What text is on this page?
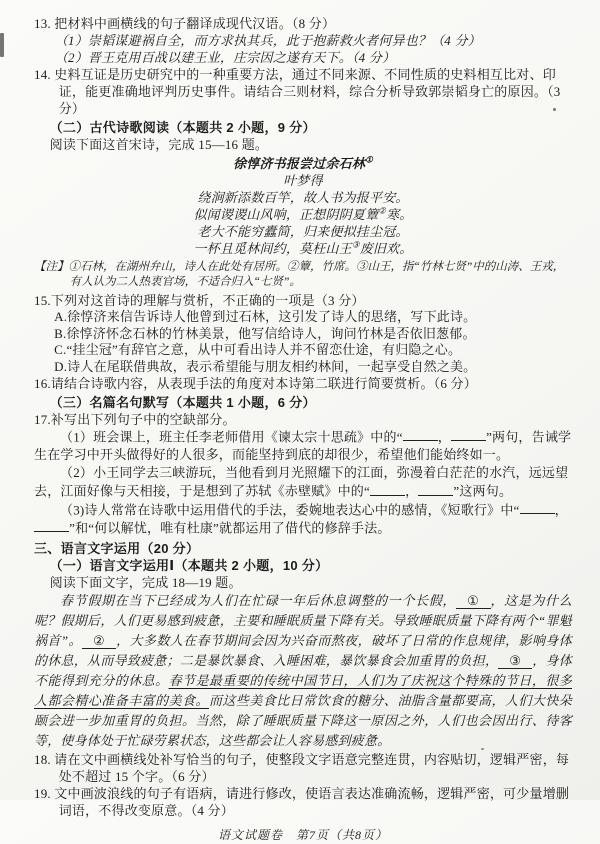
13. 把材料中画横线的句子翻译成现代汉语。（8 分）

（1）崇韬谋避祸自全，而方求执其兵，此于抱薪救火者何异也？（4 分）

（2）晋王克用百战以建王业，庄宗因之遂有天下。（4 分）

14. 史料互证是历史研究中的一种重要方法，通过不同来源、不同性质的史料相互比对、印证，能更准确地评判历史事件。请结合三则材料，综合分析导致郭崇韬身亡的原因。（3 分）

（二）古代诗歌阅读（本题共 2 小题，9 分）

阅读下面这首宋诗，完成 15—16 题。

徐惇济书报尝过余石林①

叶梦得

绕涧新添数百竿，故人书为报平安。

似闻谡谡山风响，正想阴阴夏簟②寒。

老大不能穷蠹简，归来便拟挂尘冠。

一杯且觅林间约，莫枉山王③废旧欢。

【注】①石林，在湖州弁山，诗人在此处有居所。②簟，竹席。③山王，指“竹林七贤”中的山涛、王戎，有人认为二人热衷官场，不适合归入“七贤”。

15.下列对这首诗的理解与赏析，不正确的一项是（3 分）

A.徐惇济来信告诉诗人他曾到过石林，这引发了诗人的思绪，写下此诗。

B.徐惇济怀念石林的竹林美景，他写信给诗人，询问竹林是否依旧葱郁。

C.“挂尘冠”有辞官之意，从中可看出诗人并不留恋仕途，有归隐之心。

D.诗人在尾联借典故，表示希望能与朋友相约林间，一起享受自然之美。

16.请结合诗歌内容，从表现手法的角度对本诗第二联进行简要赏析。（6 分）

（三）名篇名句默写（本题共 1 小题，6 分）

17.补写出下列句子中的空缺部分。

（1）班会课上，班主任李老师借用《谏太宗十思疏》中的“	，	”两句，告诫学生在学习中开头做得好的人很多，而能坚持到底的却很少，希望他们能始终如一。

（2）小王同学去三峡游玩，当他看到月光照耀下的江面，弥漫着白茫茫的水汽，远远望去，江面好像与天相接，于是想到了苏轼《赤壁赋》中的“	，	”这两句。

（3)诗人常常在诗歌中运用借代的手法，委婉地表达心中的感情，《短歌行》中“	，”和“何以解忧，唯有杜康”就都运用了借代的修辞手法。

三、语言文字运用（20 分）

（一）语言文字运用Ⅰ（本题共 2 小题，10 分）

阅读下面文字，完成 18—19 题。

春节假期在当下已经成为人们在忙碌一年后休息调整的一个长假， ① ，这是为什么呢？假期后，人们更易感到疲惫，主要和睡眠质量下降有关。导致睡眠质量下降有两个“罪魁祸首”。 ② ，大多数人在春节期间会因为兴奋而熬夜，破坏了日常的作息规律，影响身体的休息，从而导致疲惫；二是暴饮暴食、入睡困难，暴饮暴食会加重胃的负担， ③ ，身体不能得到充分的休息。春节是最重要的传统中国节日，人们为了庆祝这个特殊的节日，很多人都会精心准备丰富的美食。而这些美食比日常饮食的糖分、油脂含量都要高，人们大快朵颐会进一步加重胃的负担。当然，除了睡眠质量下降这一原因之外，人们也会因出行、待客等，使身体处于忙碌劳累状态，这些都会让人容易感到疲惫。

18. 请在文中画横线处补写恰当的句子，使整段文字语意完整连贯，内容贴切，逻辑严密，每处不超过 15 个字。（6 分）

19. 文中画波浪线的句子有语病，请进行修改，使语言表达准确流畅，逻辑严密，可少量增删词语，不得改变原意。（4 分）

语文试题卷　第7页（共8页）
